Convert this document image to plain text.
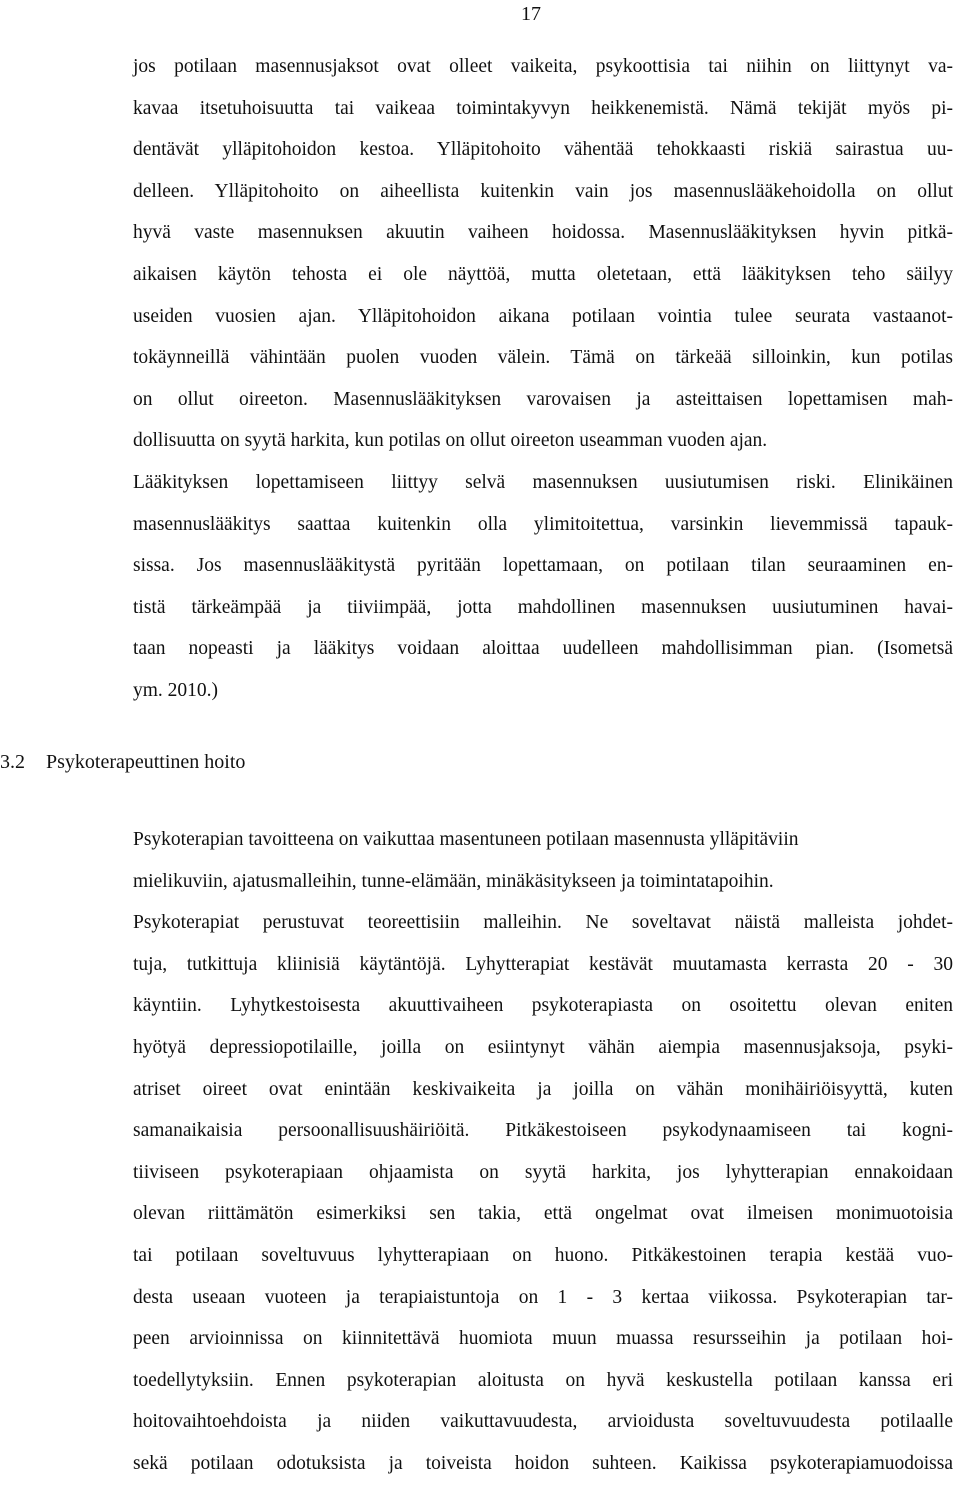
17
jos potilaan masennusjaksot ovat olleet vaikeita, psykoottisia tai niihin on liittynyt va-
kavaa itsetuhoisuutta tai vaikeaa toimintakyvyn heikkenemistä. Nämä tekijät myös pi-
dentävät ylläpitohoidon kestoa. Ylläpitohoito vähentää tehokkaasti riskiä sairastua uu-
delleen. Ylläpitohoito on aiheellista kuitenkin vain jos masennuslääkehoidolla on ollut
hyvä vaste masennuksen akuutin vaiheen hoidossa. Masennuslääkityksen hyvin pitkä-
aikaisen käytön tehosta ei ole näyttöä, mutta oletetaan, että lääkityksen teho säilyy
useiden vuosien ajan. Ylläpitohoidon aikana potilaan vointia tulee seurata vastaanot-
tokäynneillä vähintään puolen vuoden välein. Tämä on tärkeää silloinkin, kun potilas
on ollut oireeton. Masennuslääkityksen varovaisen ja asteittaisen lopettamisen mah-
dollisuutta on syytä harkita, kun potilas on ollut oireeton useamman vuoden ajan.
Lääkityksen lopettamiseen liittyy selvä masennuksen uusiutumisen riski. Elinikäinen
masennuslääkitys saattaa kuitenkin olla ylimitoitettua, varsinkin lievemmissä tapauk-
sissa. Jos masennuslääkitystä pyritään lopettamaan, on potilaan tilan seuraaminen en-
tistä tärkeämpää ja tiiviimpää, jotta mahdollinen masennuksen uusiutuminen havai-
taan nopeasti ja lääkitys voidaan aloittaa uudelleen mahdollisimman pian. (Isometsä
ym. 2010.)
3.2 Psykoterapeuttinen hoito
Psykoterapian tavoitteena on vaikuttaa masentuneen potilaan masennusta ylläpitäviin
mielikuviin, ajatusmalleihin, tunne-elämään, minäkäsitykseen ja toimintatapoihin.
Psykoterapiat perustuvat teoreettisiin malleihin. Ne soveltavat näistä malleista johdet-
tuja, tutkittuja kliinisiä käytäntöjä. Lyhytterapiat kestävät muutamasta kerrasta 20 - 30
käyntiin. Lyhytkestoisesta akuuttivaiheen psykoterapiasta on osoitettu olevan eniten
hyötyä depressiopotilaille, joilla on esiintynyt vähän aiempia masennusjaksoja, psyki-
atriset oireet ovat enintään keskivaikeita ja joilla on vähän monihäiriöisyyttä, kuten
samanaikaisia persoonallisuushäiriöitä. Pitkäkestoiseen psykodynaamiseen tai kogni-
tiiviseen psykoterapiaan ohjaamista on syytä harkita, jos lyhytterapian ennakoidaan
olevan riittämätön esimerkiksi sen takia, että ongelmat ovat ilmeisen monimuotoisia
tai potilaan soveltuvuus lyhytterapiaan on huono. Pitkäkestoinen terapia kestää vuo-
desta useaan vuoteen ja terapiaistuntoja on 1 - 3 kertaa viikossa. Psykoterapian tar-
peen arvioinnissa on kiinnitettävä huomiota muun muassa resursseihin ja potilaan hoi-
toedellytyksiin. Ennen psykoterapian aloitusta on hyvä keskustella potilaan kanssa eri
hoitovaihtoehdoista ja niiden vaikuttavuudesta, arvioidusta soveltuvuudesta potilaalle
sekä potilaan odotuksista ja toiveista hoidon suhteen. Kaikissa psykoterapiamuodoissa
